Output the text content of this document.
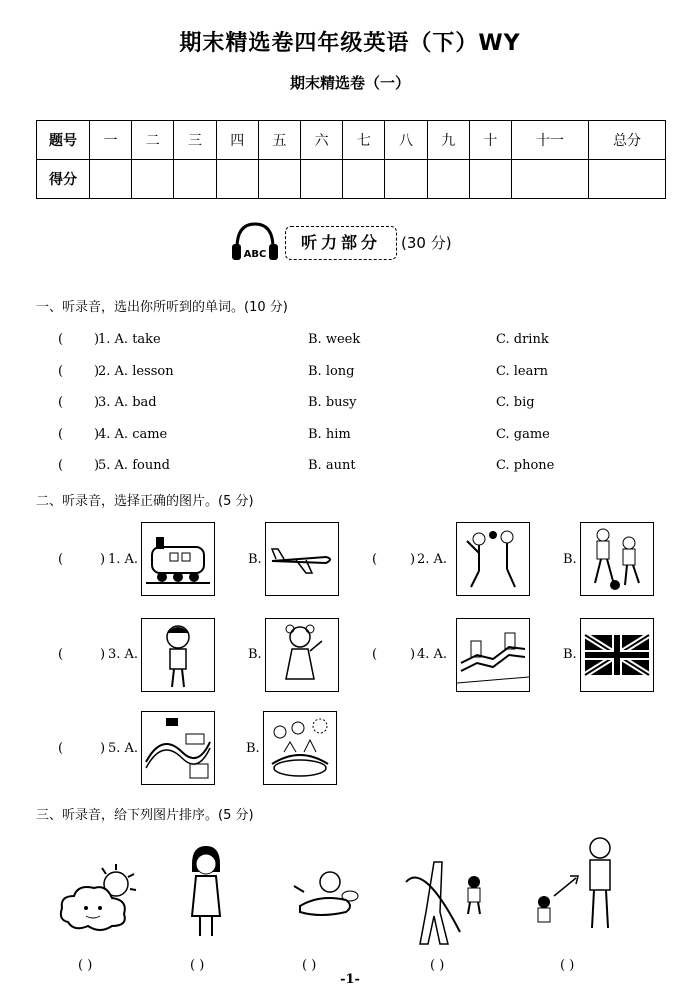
期末精选卷四年级英语（下）WY
期末精选卷（一）
题号	一	二	三	四	五	六	七	八	九	十	十一	总分
得分												
ABC
听力部分	(30 分)
一、听录音，选出你所听到的单词。(10 分)
( )
1. A. take	B. week	C. drink
( )
2. A. lesson	B. long	C. learn
( )
3. A. bad	B. busy	C. big
( )
4. A. came	B. him	C. game
( )
5. A. found	B. aunt	C. phone
二、听录音，选择正确的图片。(5 分)
(	) 1. A.	B.	(	) 2. A.	B.
(	) 3. A.	B.	(	) 4. A.	B.
(	) 5. A.	B.
三、听录音，给下列图片排序。(5 分)
( )	( )	( )	( )	( )
-1-
